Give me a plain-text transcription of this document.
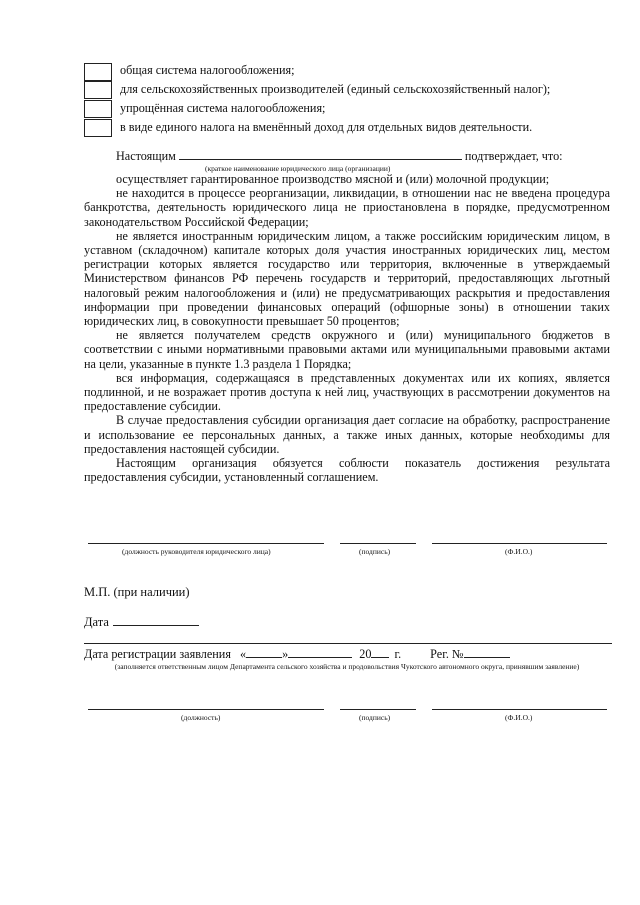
общая система налогообложения;
для сельскохозяйственных производителей (единый сельскохозяйственный налог);
упрощённая система налогообложения;
в виде единого налога на вменённый доход для отдельных видов деятельности.
Настоящим	подтверждает, что:
(краткое наименование юридического лица (организации)

осуществляет гарантированное производство мясной и (или) молочной продукции;

не находится в процессе реорганизации, ликвидации, в отношении нас не введена процедура банкротства, деятельность юридического лица не приостановлена в порядке, предусмотренном законодательством Российской Федерации;

не является иностранным юридическим лицом, а также российским юридическим лицом, в уставном (складочном) капитале которых доля участия иностранных юридических лиц, местом регистрации которых является государство или территория, включенные в утверждаемый Министерством финансов РФ перечень государств и территорий, предоставляющих льготный налоговый режим налогообложения и (или) не предусматривающих раскрытия и предоставления информации при проведении финансовых операций (офшорные зоны) в отношении таких юридических лиц, в совокупности превышает 50 процентов;

не является получателем средств окружного и (или) муниципального бюджетов в соответствии с иными нормативными правовыми актами или муниципальными правовыми актами на цели, указанные в пункте 1.3 раздела 1 Порядка;

вся информация, содержащаяся в представленных документах или их копиях, является подлинной, и не возражает против доступа к ней лиц, участвующих в рассмотрении документов на предоставление субсидии.

В случае предоставления субсидии организация дает согласие на обработку, распространение и использование ее персональных данных, а также иных данных, которые необходимы для предоставления настоящей субсидии.

Настоящим организация обязуется соблюсти показатель достижения результата предоставления субсидии, установленный соглашением.

(должность руководителя юридического лица)	(подпись)	(Ф.И.О.)
М.П. (при наличии)
Дата
Дата регистрации заявления «	»	20 г. Рег. №
(заполняется ответственным лицом Департамента сельского хозяйства и продовольствия Чукотского автономного округа, принявшим заявление)
(должность)	(подпись)	(Ф.И.О.)
